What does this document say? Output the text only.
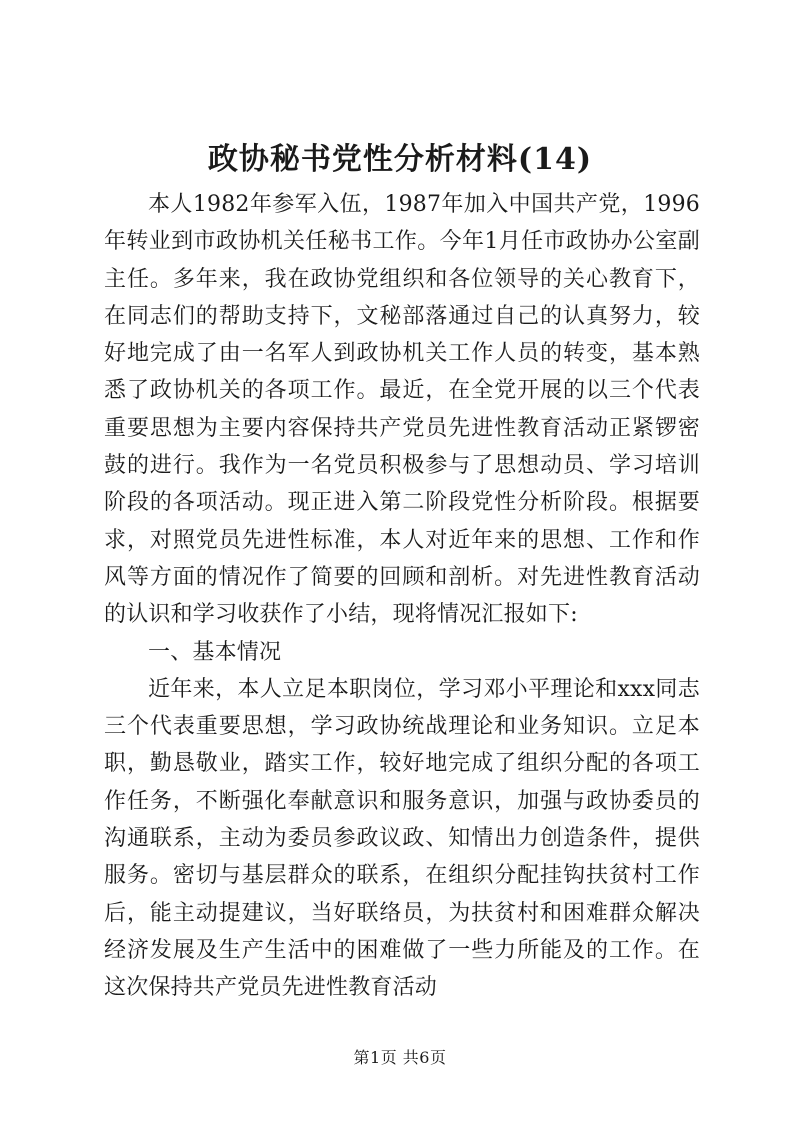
政协秘书党性分析材料(14)

本人1982年参军入伍，1987年加入中国共产党，1996年转业到市政协机关任秘书工作。今年1月任市政协办公室副主任。多年来，我在政协党组织和各位领导的关心教育下，在同志们的帮助支持下，文秘部落通过自己的认真努力，较好地完成了由一名军人到政协机关工作人员的转变，基本熟悉了政协机关的各项工作。最近，在全党开展的以三个代表重要思想为主要内容保持共产党员先进性教育活动正紧锣密鼓的进行。我作为一名党员积极参与了思想动员、学习培训阶段的各项活动。现正进入第二阶段党性分析阶段。根据要求，对照党员先进性标准，本人对近年来的思想、工作和作风等方面的情况作了简要的回顾和剖析。对先进性教育活动的认识和学习收获作了小结，现将情况汇报如下:

一、基本情况

近年来，本人立足本职岗位，学习邓小平理论和xxx同志三个代表重要思想，学习政协统战理论和业务知识。立足本职，勤恳敬业，踏实工作，较好地完成了组织分配的各项工作任务，不断强化奉献意识和服务意识，加强与政协委员的沟通联系，主动为委员参政议政、知情出力创造条件，提供服务。密切与基层群众的联系，在组织分配挂钩扶贫村工作后，能主动提建议，当好联络员，为扶贫村和困难群众解决经济发展及生产生活中的困难做了一些力所能及的工作。在这次保持共产党员先进性教育活动

第1页 共6页
